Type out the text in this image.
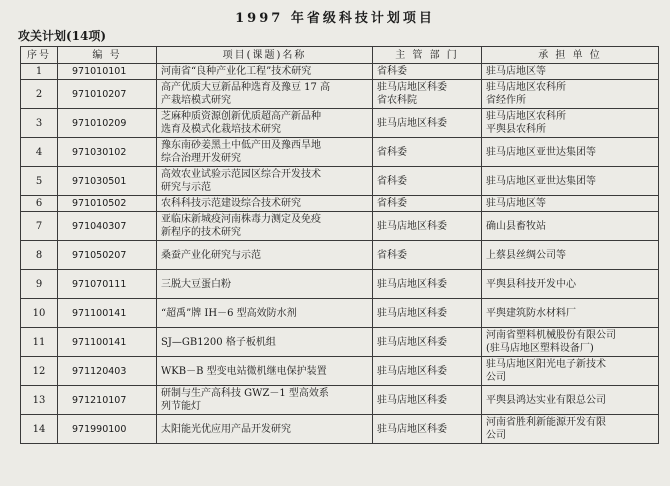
1997 年省级科技计划项目
攻关计划(14项)
序号	编 号	项目(课题)名称	主 管 部 门	承 担 单 位
1	971010101	河南省“良种产业化工程”技术研究	省科委	驻马店地区等

2	971010207	高产优质大豆新品种选育及豫豆 17 高
产栽培模式研究	驻马店地区科委
省农科院	驻马店地区农科所
省经作所

3	971010209	芝麻种质资源创新优质超高产新品种
选育及模式化栽培技术研究	驻马店地区科委	驻马店地区农科所
平舆县农科所

4	971030102	豫东南砂姜黑土中低产田及豫西旱地
综合治理开发研究	省科委	驻马店地区亚世达集团等

5	971030501	高效农业试验示范园区综合开发技术
研究与示范	省科委	驻马店地区亚世达集团等

6	971010502	农科科技示范建设综合技术研究	省科委	驻马店地区等

7	971040307	亚临床新城疫河南株毒力测定及免疫
新程序的技术研究	驻马店地区科委	确山县畜牧站

8	971050207	桑蚕产业化研究与示范	省科委	上蔡县丝绸公司等

9	971070111	三脱大豆蛋白粉	驻马店地区科委	平舆县科技开发中心

10	971100141	“超禹”牌 IH－6 型高效防水剂	驻马店地区科委	平舆建筑防水材料厂

11	971100141	SJ—GB1200 格子板机组	驻马店地区科委	河南省塑料机械股份有限公司
(驻马店地区塑料设备厂)

12	971120403	WKB－B 型变电站微机继电保护装置	驻马店地区科委	驻马店地区阳光电子新技术
公司

13	971210107	研制与生产高科技 GWZ－1 型高效系
列节能灯	驻马店地区科委	平舆县鸿达实业有限总公司

14	971990100	太阳能光优应用产品开发研究	驻马店地区科委	河南省胜利新能源开发有限
公司
